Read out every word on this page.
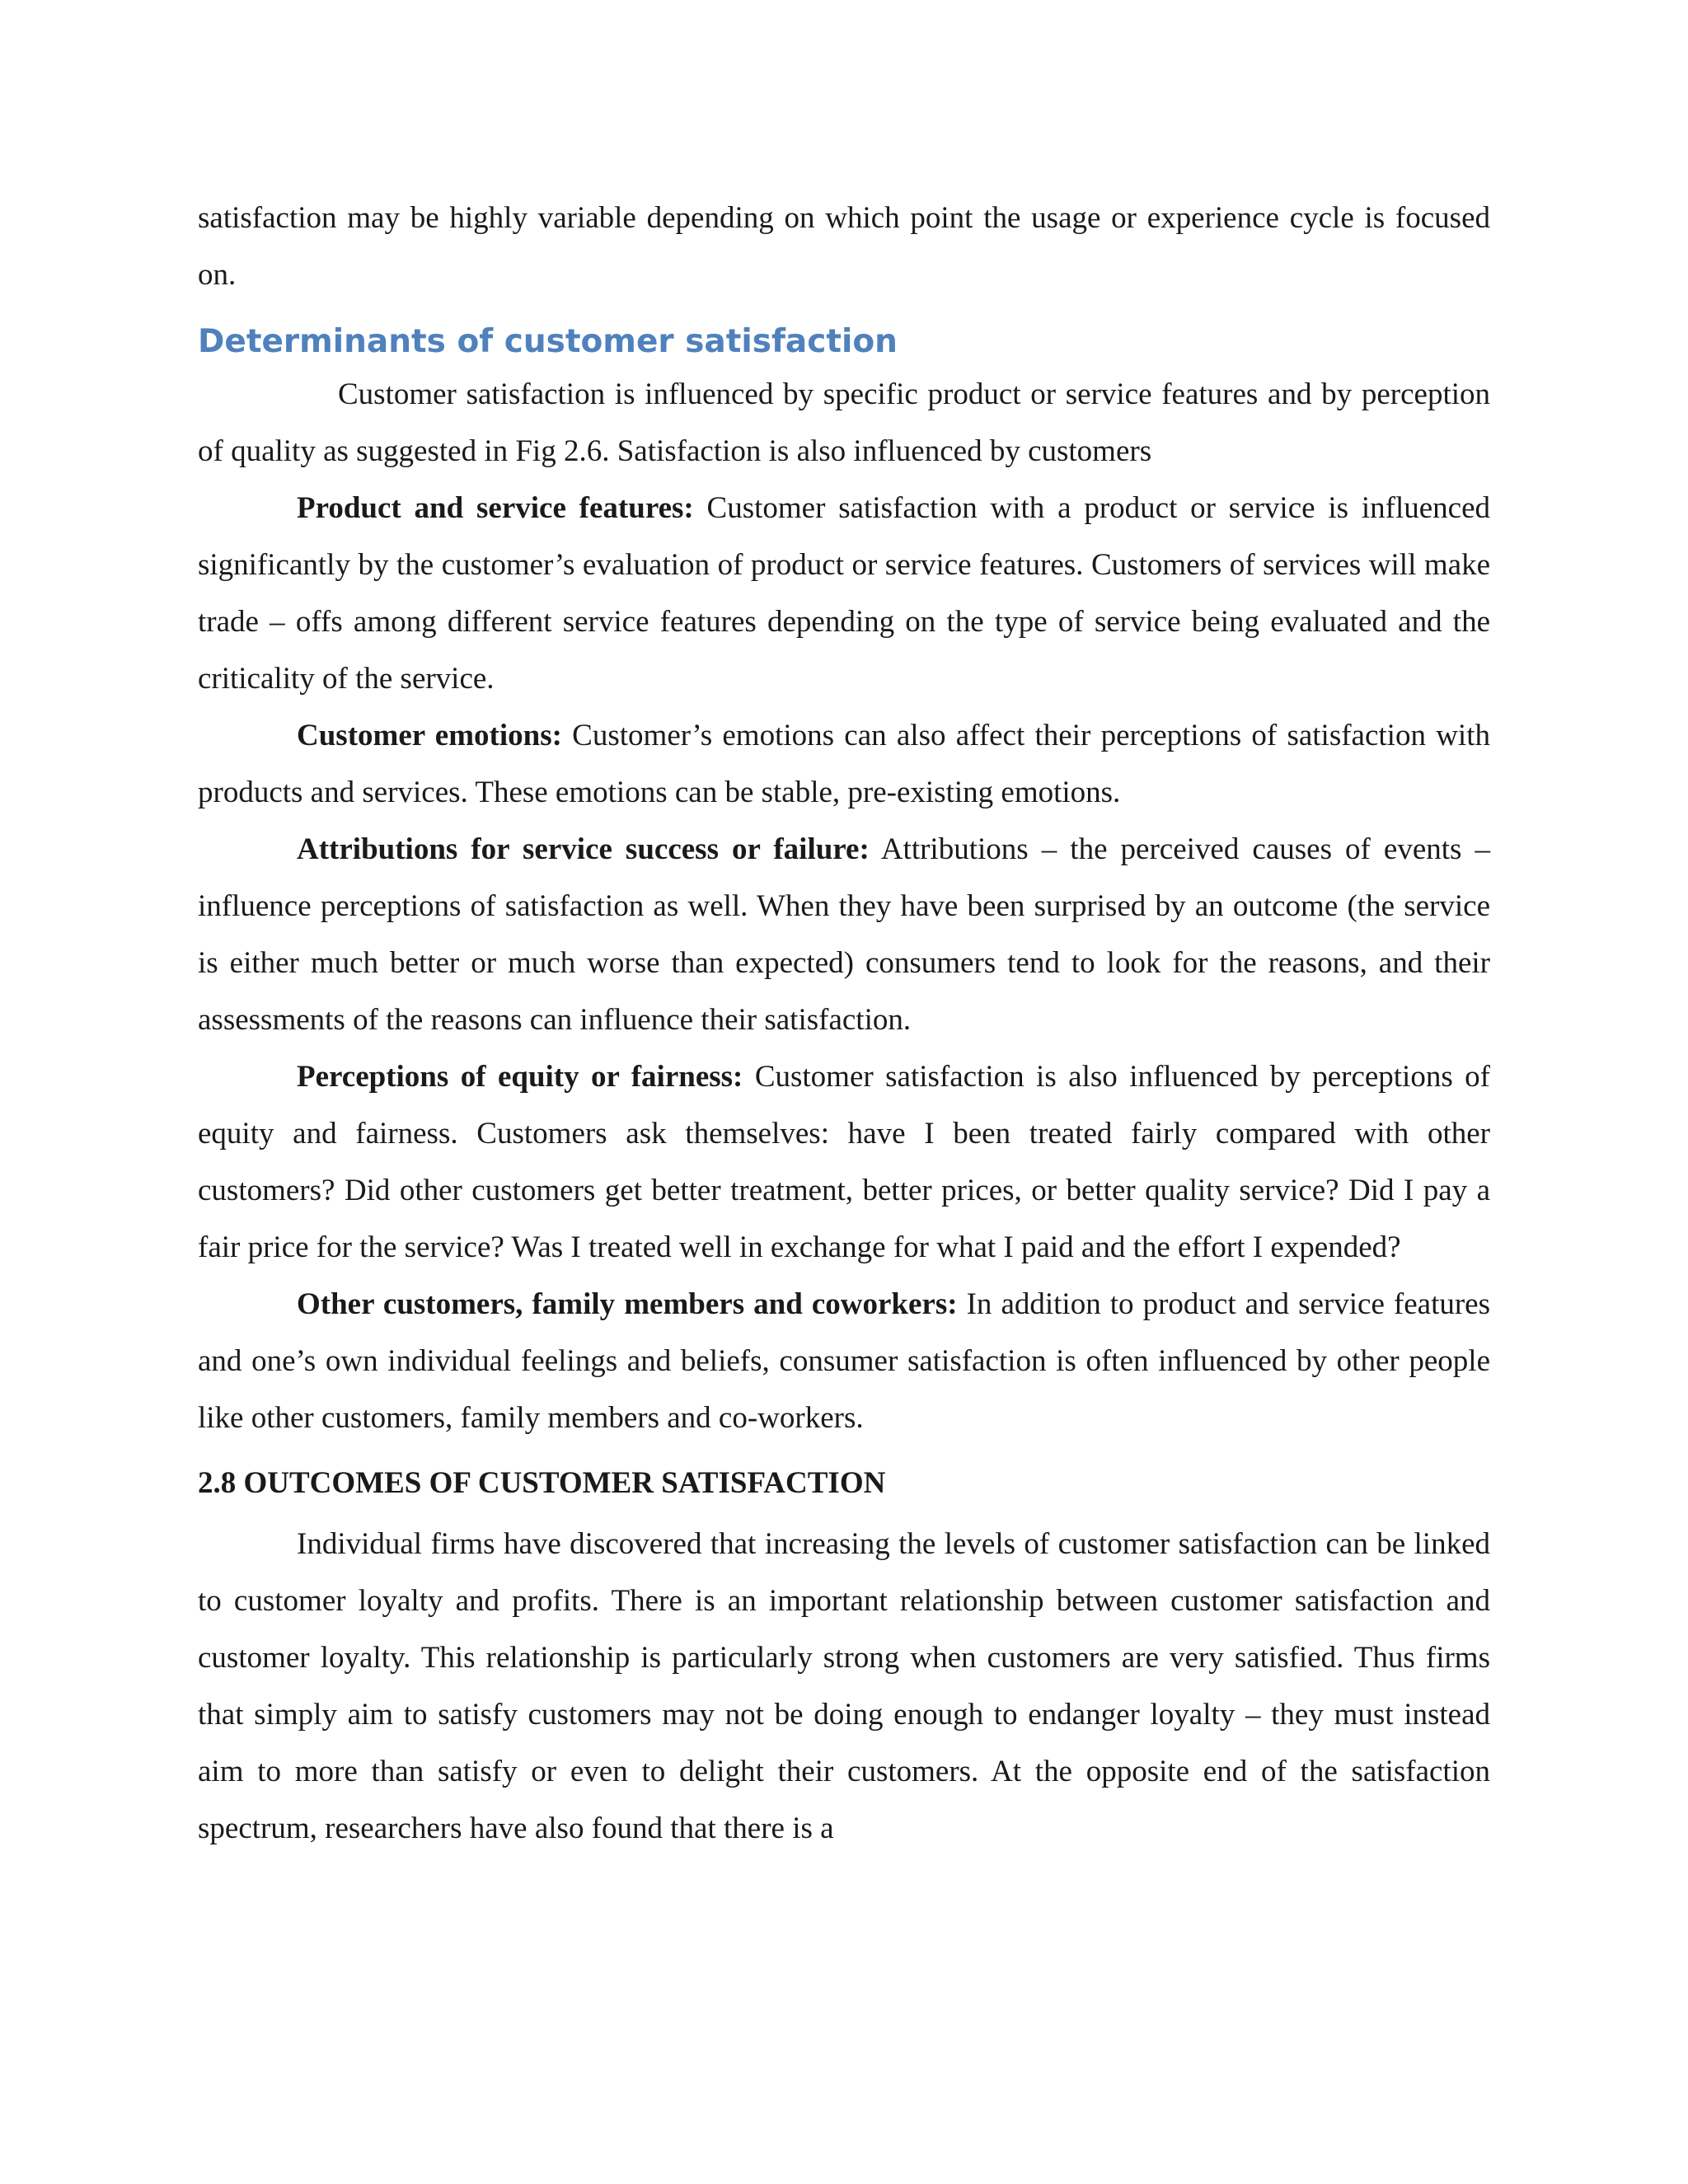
satisfaction may be highly variable depending on which point the usage or experience cycle is focused on.

Determinants of customer satisfaction

Customer satisfaction is influenced by specific product or service features and by perception of quality as suggested in Fig 2.6. Satisfaction is also influenced by customers

Product and service features: Customer satisfaction with a product or service is influenced significantly by the customer’s evaluation of product or service features. Customers of services will make trade – offs among different service features depending on the type of service being evaluated and the criticality of the service.

Customer emotions: Customer’s emotions can also affect their perceptions of satisfaction with products and services. These emotions can be stable, pre-existing emotions.

Attributions for service success or failure: Attributions – the perceived causes of events – influence perceptions of satisfaction as well. When they have been surprised by an outcome (the service is either much better or much worse than expected) consumers tend to look for the reasons, and their assessments of the reasons can influence their satisfaction.

Perceptions of equity or fairness: Customer satisfaction is also influenced by perceptions of equity and fairness. Customers ask themselves: have I been treated fairly compared with other customers? Did other customers get better treatment, better prices, or better quality service? Did I pay a fair price for the service? Was I treated well in exchange for what I paid and the effort I expended?

Other customers, family members and coworkers: In addition to product and service features and one’s own individual feelings and beliefs, consumer satisfaction is often influenced by other people like other customers, family members and co-workers.

2.8 OUTCOMES OF CUSTOMER SATISFACTION

Individual firms have discovered that increasing the levels of customer satisfaction can be linked to customer loyalty and profits. There is an important relationship between customer satisfaction and customer loyalty. This relationship is particularly strong when customers are very satisfied. Thus firms that simply aim to satisfy customers may not be doing enough to endanger loyalty – they must instead aim to more than satisfy or even to delight their customers. At the opposite end of the satisfaction spectrum, researchers have also found that there is a
